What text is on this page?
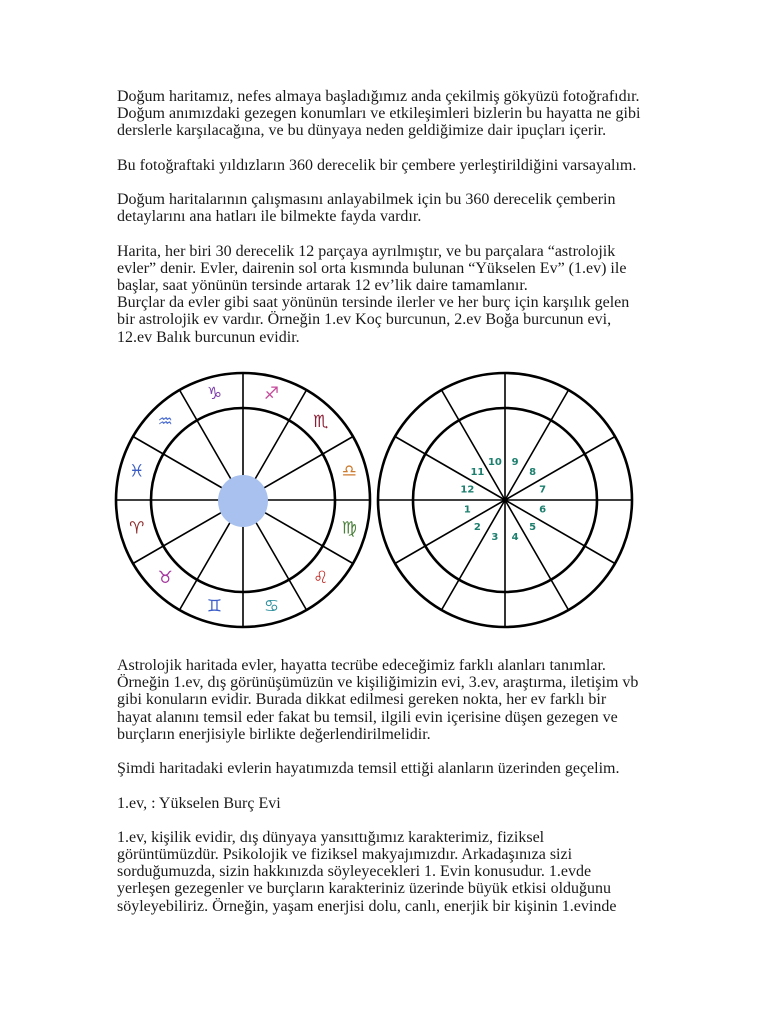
Doğum haritamız, nefes almaya başladığımız anda çekilmiş gökyüzü fotoğrafıdır.
Doğum anımızdaki gezegen konumları ve etkileşimleri bizlerin bu hayatta ne gibi
derslerle karşılacağına, ve bu dünyaya neden geldiğimize dair ipuçları içerir.

Bu fotoğraftaki yıldızların 360 derecelik bir çembere yerleştirildiğini varsayalım.

Doğum haritalarının çalışmasını anlayabilmek için bu 360 derecelik çemberin
detaylarını ana hatları ile bilmekte fayda vardır.

Harita, her biri 30 derecelik 12 parçaya ayrılmıştır, ve bu parçalara “astrolojik
evler” denir. Evler, dairenin sol orta kısmında bulunan “Yükselen Ev” (1.ev) ile
başlar, saat yönünün tersinde artarak 12 ev’lik daire tamamlanır.
Burçlar da evler gibi saat yönünün tersinde ilerler ve her burç için karşılık gelen
bir astrolojik ev vardır. Örneğin 1.ev Koç burcunun, 2.ev Boğa burcunun evi,
12.ev Balık burcunun evidir.

♈
♉
♊ ♋
♌
♍
♎
♏
♐
♑
♒
♓
1
2
3 4
5
6
7
8
9
10
11
12

Astrolojik haritada evler, hayatta tecrübe edeceğimiz farklı alanları tanımlar.
Örneğin 1.ev, dış görünüşümüzün ve kişiliğimizin evi, 3.ev, araştırma, iletişim vb
gibi konuların evidir. Burada dikkat edilmesi gereken nokta, her ev farklı bir
hayat alanını temsil eder fakat bu temsil, ilgili evin içerisine düşen gezegen ve
burçların enerjisiyle birlikte değerlendirilmelidir.

Şimdi haritadaki evlerin hayatımızda temsil ettiği alanların üzerinden geçelim.

1.ev, : Yükselen Burç Evi

1.ev, kişilik evidir, dış dünyaya yansıttığımız karakterimiz, fiziksel
görüntümüzdür. Psikolojik ve fiziksel makyajımızdır. Arkadaşınıza sizi
sorduğumuzda, sizin hakkınızda söyleyecekleri 1. Evin konusudur. 1.evde
yerleşen gezegenler ve burçların karakteriniz üzerinde büyük etkisi olduğunu
söyleyebiliriz. Örneğin, yaşam enerjisi dolu, canlı, enerjik bir kişinin 1.evinde
